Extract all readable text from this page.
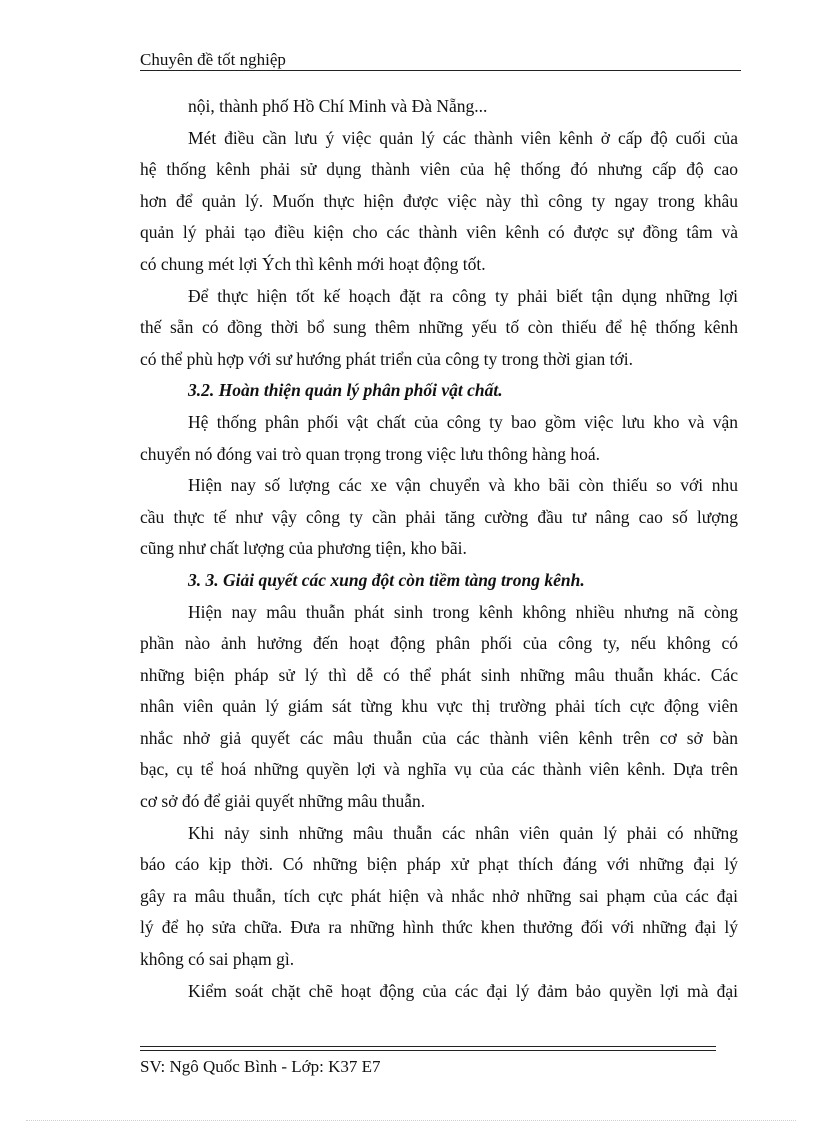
Chuyên đề tốt nghiệp
nội, thành phố Hồ Chí Minh và Đà Nẵng...
Mét điều cần lưu ý việc quản lý các thành viên kênh ở cấp độ cuối của
hệ thống kênh phải sử dụng thành viên của hệ thống đó nhưng cấp độ cao
hơn để quản lý. Muốn thực hiện được việc này thì công ty ngay trong khâu
quản lý phải tạo điều kiện cho các thành viên kênh có được sự đồng tâm và
có chung mét lợi Ých thì kênh mới hoạt động tốt.
Để thực hiện tốt kế hoạch đặt ra công ty phải biết tận dụng những lợi
thế sẵn có đồng thời bổ sung thêm những yếu tố còn thiếu để hệ thống kênh
có thể phù hợp với sư hướng phát triển của công ty trong thời gian tới.
3.2. Hoàn thiện quản lý phân phối vật chất.
Hệ thống phân phối vật chất của công ty bao gồm việc lưu kho và vận
chuyển nó đóng vai trò quan trọng trong việc lưu thông hàng hoá.
Hiện nay số lượng các xe vận chuyển và kho bãi còn thiếu so với nhu
cầu thực tế như vậy công ty cần phải tăng cường đầu tư nâng cao số lượng
cũng như chất lượng của phương tiện, kho bãi.
3. 3. Giải quyết các xung đột còn tiềm tàng trong kênh.
Hiện nay mâu thuẫn phát sinh trong kênh không nhiều nhưng nã còng
phần nào ảnh hưởng đến hoạt động phân phối của công ty, nếu không có
những biện pháp sử lý thì dễ có thể phát sinh những mâu thuẫn khác. Các
nhân viên quản lý giám sát từng khu vực thị trường phải tích cực động viên
nhắc nhở giả quyết các mâu thuẫn của các thành viên kênh trên cơ sở bàn
bạc, cụ tể hoá những quyền lợi và nghĩa vụ của các thành viên kênh. Dựa trên
cơ sở đó để giải quyết những mâu thuẫn.
Khi nảy sinh những mâu thuẫn các nhân viên quản lý phải có những
báo cáo kịp thời. Có những biện pháp xử phạt thích đáng với những đại lý
gây ra mâu thuẫn, tích cực phát hiện và nhắc nhở những sai phạm của các đại
lý để họ sửa chữa. Đưa ra những hình thức khen thưởng đối với những đại lý
không có sai phạm gì.
Kiểm soát chặt chẽ hoạt động của các đại lý đảm bảo quyền lợi mà đại
SV: Ngô Quốc Bình - Lớp: K37 E7
